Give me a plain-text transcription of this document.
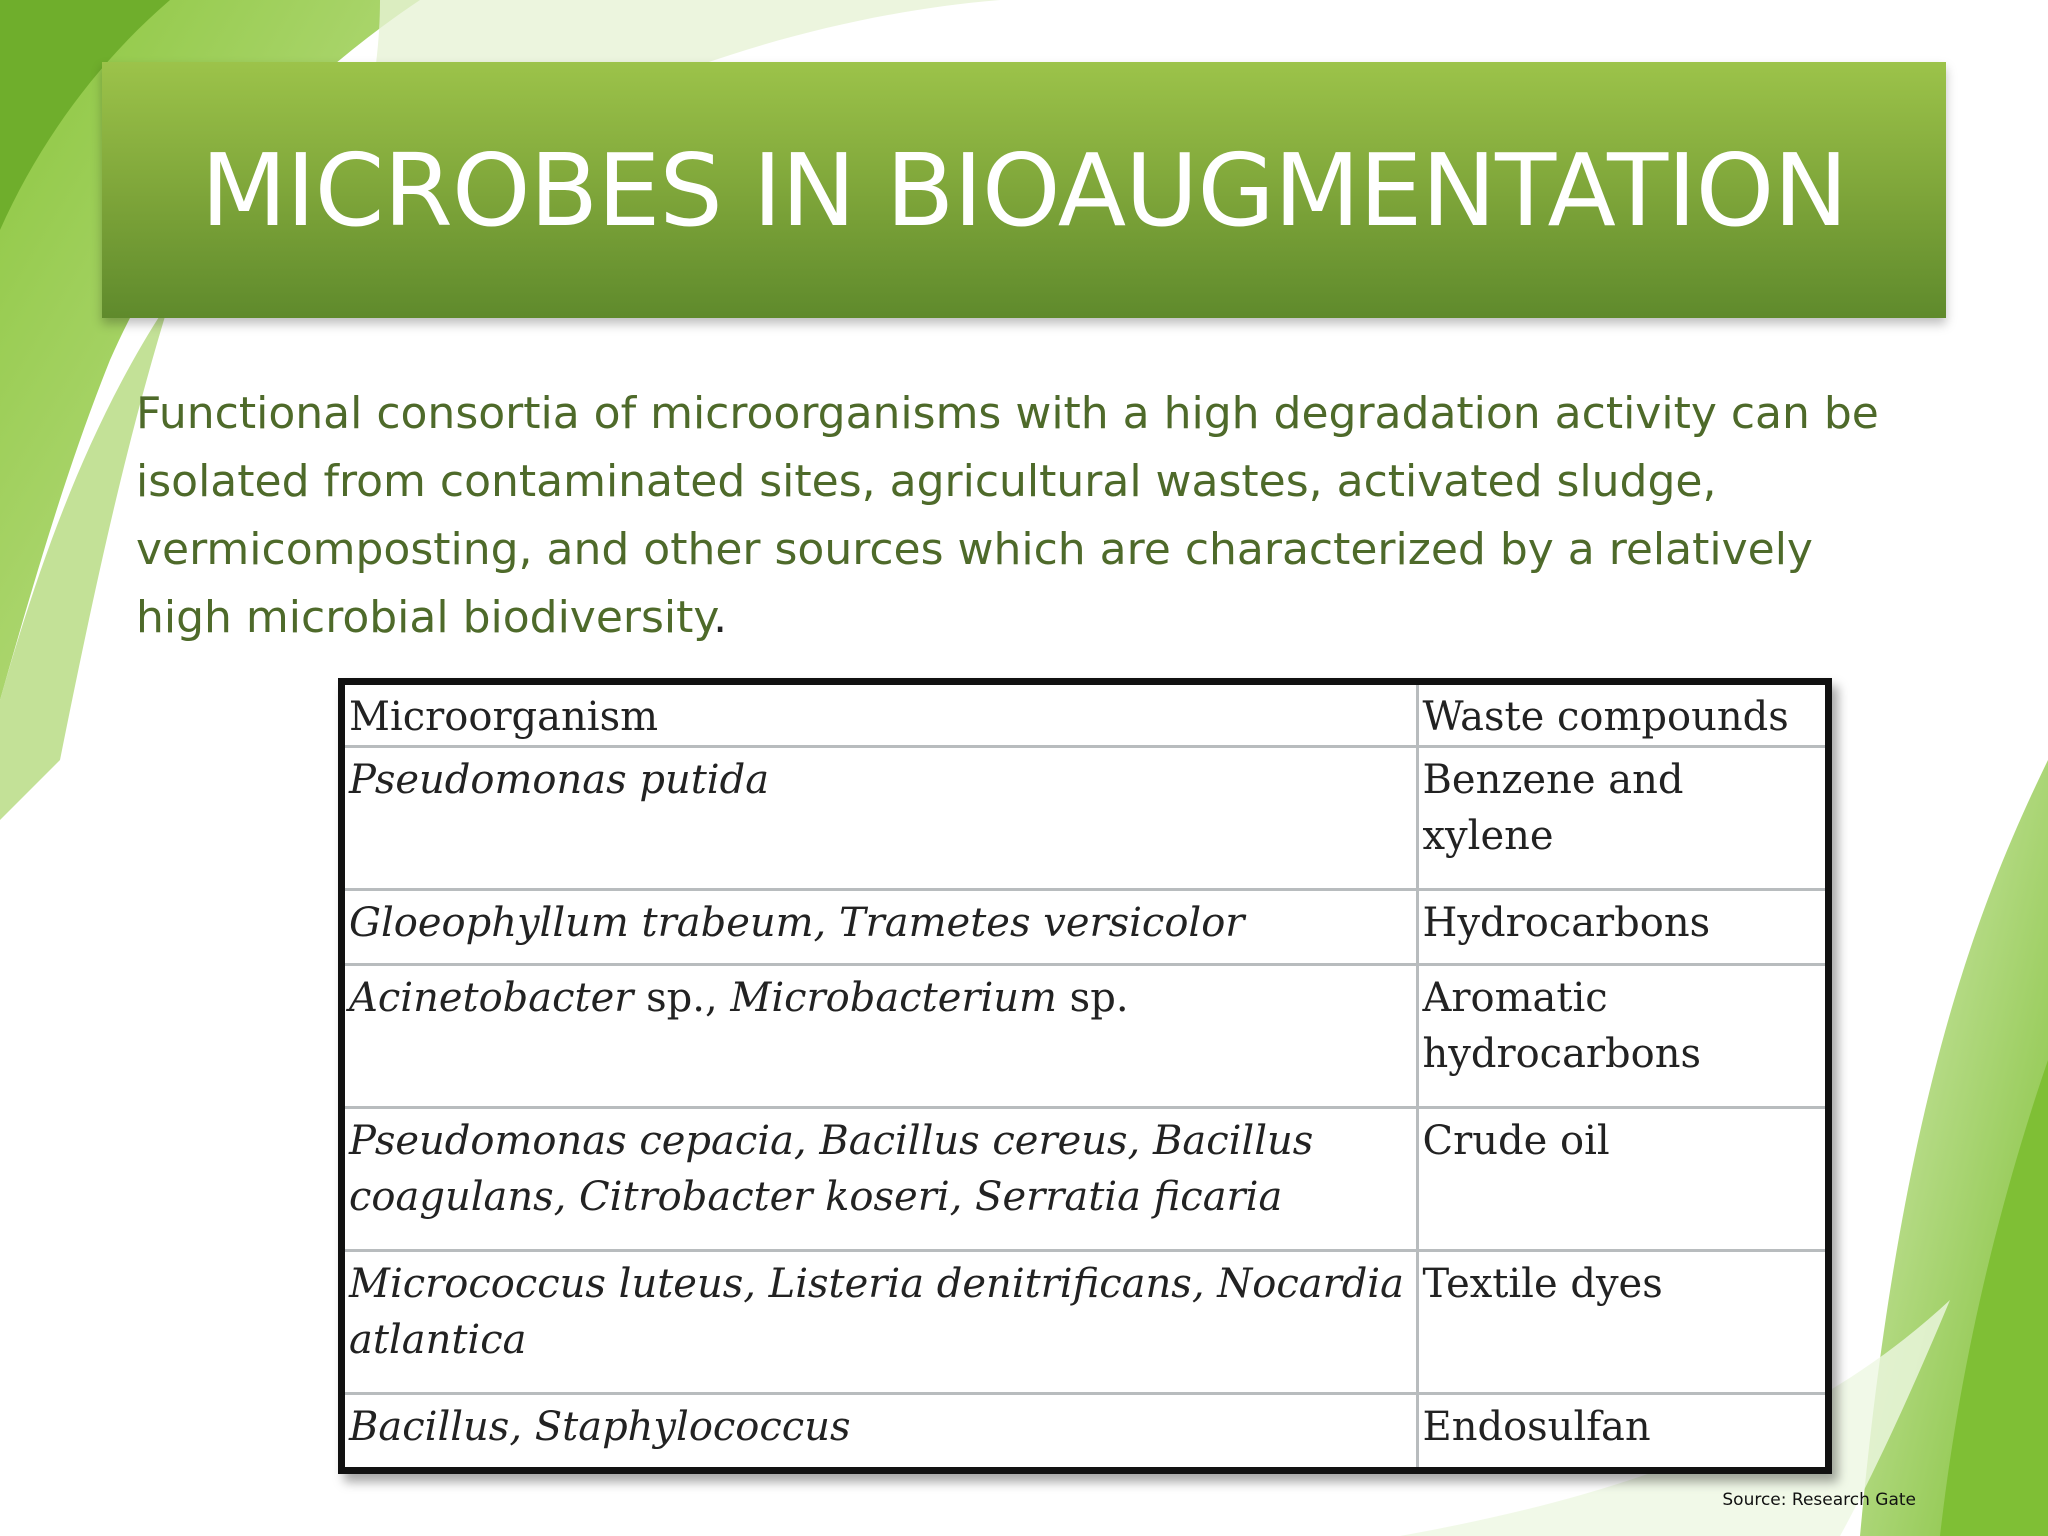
MICROBES IN BIOAUGMENTATION
Functional consortia of microorganisms with a high degradation activity can be isolated from contaminated sites, agricultural wastes, activated sludge, vermicomposting, and other sources which are characterized by a relatively high microbial biodiversity.
Microorganism	Waste compounds
Pseudomonas putida	Benzene and xylene
Gloeophyllum trabeum, Trametes versicolor	Hydrocarbons
Acinetobacter sp., Microbacterium sp.	Aromatic hydrocarbons
Pseudomonas cepacia, Bacillus cereus, Bacillus coagulans, Citrobacter koseri, Serratia ficaria	Crude oil
Micrococcus luteus, Listeria denitrificans, Nocardia atlantica	Textile dyes
Bacillus, Staphylococcus	Endosulfan
Source: Research Gate
